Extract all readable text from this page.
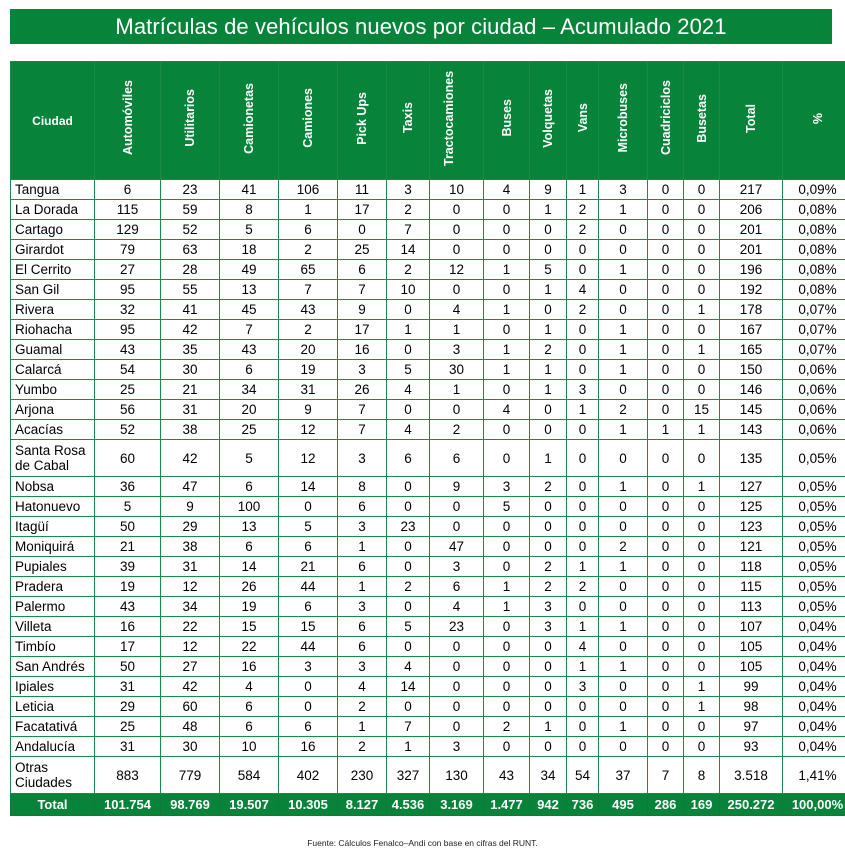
Matrículas de vehículos nuevos por ciudad – Acumulado 2021
Ciudad	Automóviles	Utilitarios	Camionetas	Camiones	Pick Ups	Taxis	Tractocamiones	Buses	Volquetas	Vans	Microbuses	Cuadriciclos	Busetas	Total	%
Tangua	6	23	41	106	11	3	10	4	9	1	3	0	0	217	0,09%
La Dorada	115	59	8	1	17	2	0	0	1	2	1	0	0	206	0,08%
Cartago	129	52	5	6	0	7	0	0	0	2	0	0	0	201	0,08%
Girardot	79	63	18	2	25	14	0	0	0	0	0	0	0	201	0,08%
El Cerrito	27	28	49	65	6	2	12	1	5	0	1	0	0	196	0,08%
San Gil	95	55	13	7	7	10	0	0	1	4	0	0	0	192	0,08%
Rivera	32	41	45	43	9	0	4	1	0	2	0	0	1	178	0,07%
Riohacha	95	42	7	2	17	1	1	0	1	0	1	0	0	167	0,07%
Guamal	43	35	43	20	16	0	3	1	2	0	1	0	1	165	0,07%
Calarcá	54	30	6	19	3	5	30	1	1	0	1	0	0	150	0,06%
Yumbo	25	21	34	31	26	4	1	0	1	3	0	0	0	146	0,06%
Arjona	56	31	20	9	7	0	0	4	0	1	2	0	15	145	0,06%
Acacías	52	38	25	12	7	4	2	0	0	0	1	1	1	143	0,06%
Santa Rosa de Cabal	60	42	5	12	3	6	6	0	1	0	0	0	0	135	0,05%
Nobsa	36	47	6	14	8	0	9	3	2	0	1	0	1	127	0,05%
Hatonuevo	5	9	100	0	6	0	0	5	0	0	0	0	0	125	0,05%
Itagüí	50	29	13	5	3	23	0	0	0	0	0	0	0	123	0,05%
Moniquirá	21	38	6	6	1	0	47	0	0	0	2	0	0	121	0,05%
Pupiales	39	31	14	21	6	0	3	0	2	1	1	0	0	118	0,05%
Pradera	19	12	26	44	1	2	6	1	2	2	0	0	0	115	0,05%
Palermo	43	34	19	6	3	0	4	1	3	0	0	0	0	113	0,05%
Villeta	16	22	15	15	6	5	23	0	3	1	1	0	0	107	0,04%
Timbío	17	12	22	44	6	0	0	0	0	4	0	0	0	105	0,04%
San Andrés	50	27	16	3	3	4	0	0	0	1	1	0	0	105	0,04%
Ipiales	31	42	4	0	4	14	0	0	0	3	0	0	1	99	0,04%
Leticia	29	60	6	0	2	0	0	0	0	0	0	0	1	98	0,04%
Facatativá	25	48	6	6	1	7	0	2	1	0	1	0	0	97	0,04%
Andalucía	31	30	10	16	2	1	3	0	0	0	0	0	0	93	0,04%
Otras Ciudades	883	779	584	402	230	327	130	43	34	54	37	7	8	3.518	1,41%
Total	101.754	98.769	19.507	10.305	8.127	4.536	3.169	1.477	942	736	495	286	169	250.272	100,00%
Fuente: Cálculos Fenalco–Andi con base en cifras del RUNT.
